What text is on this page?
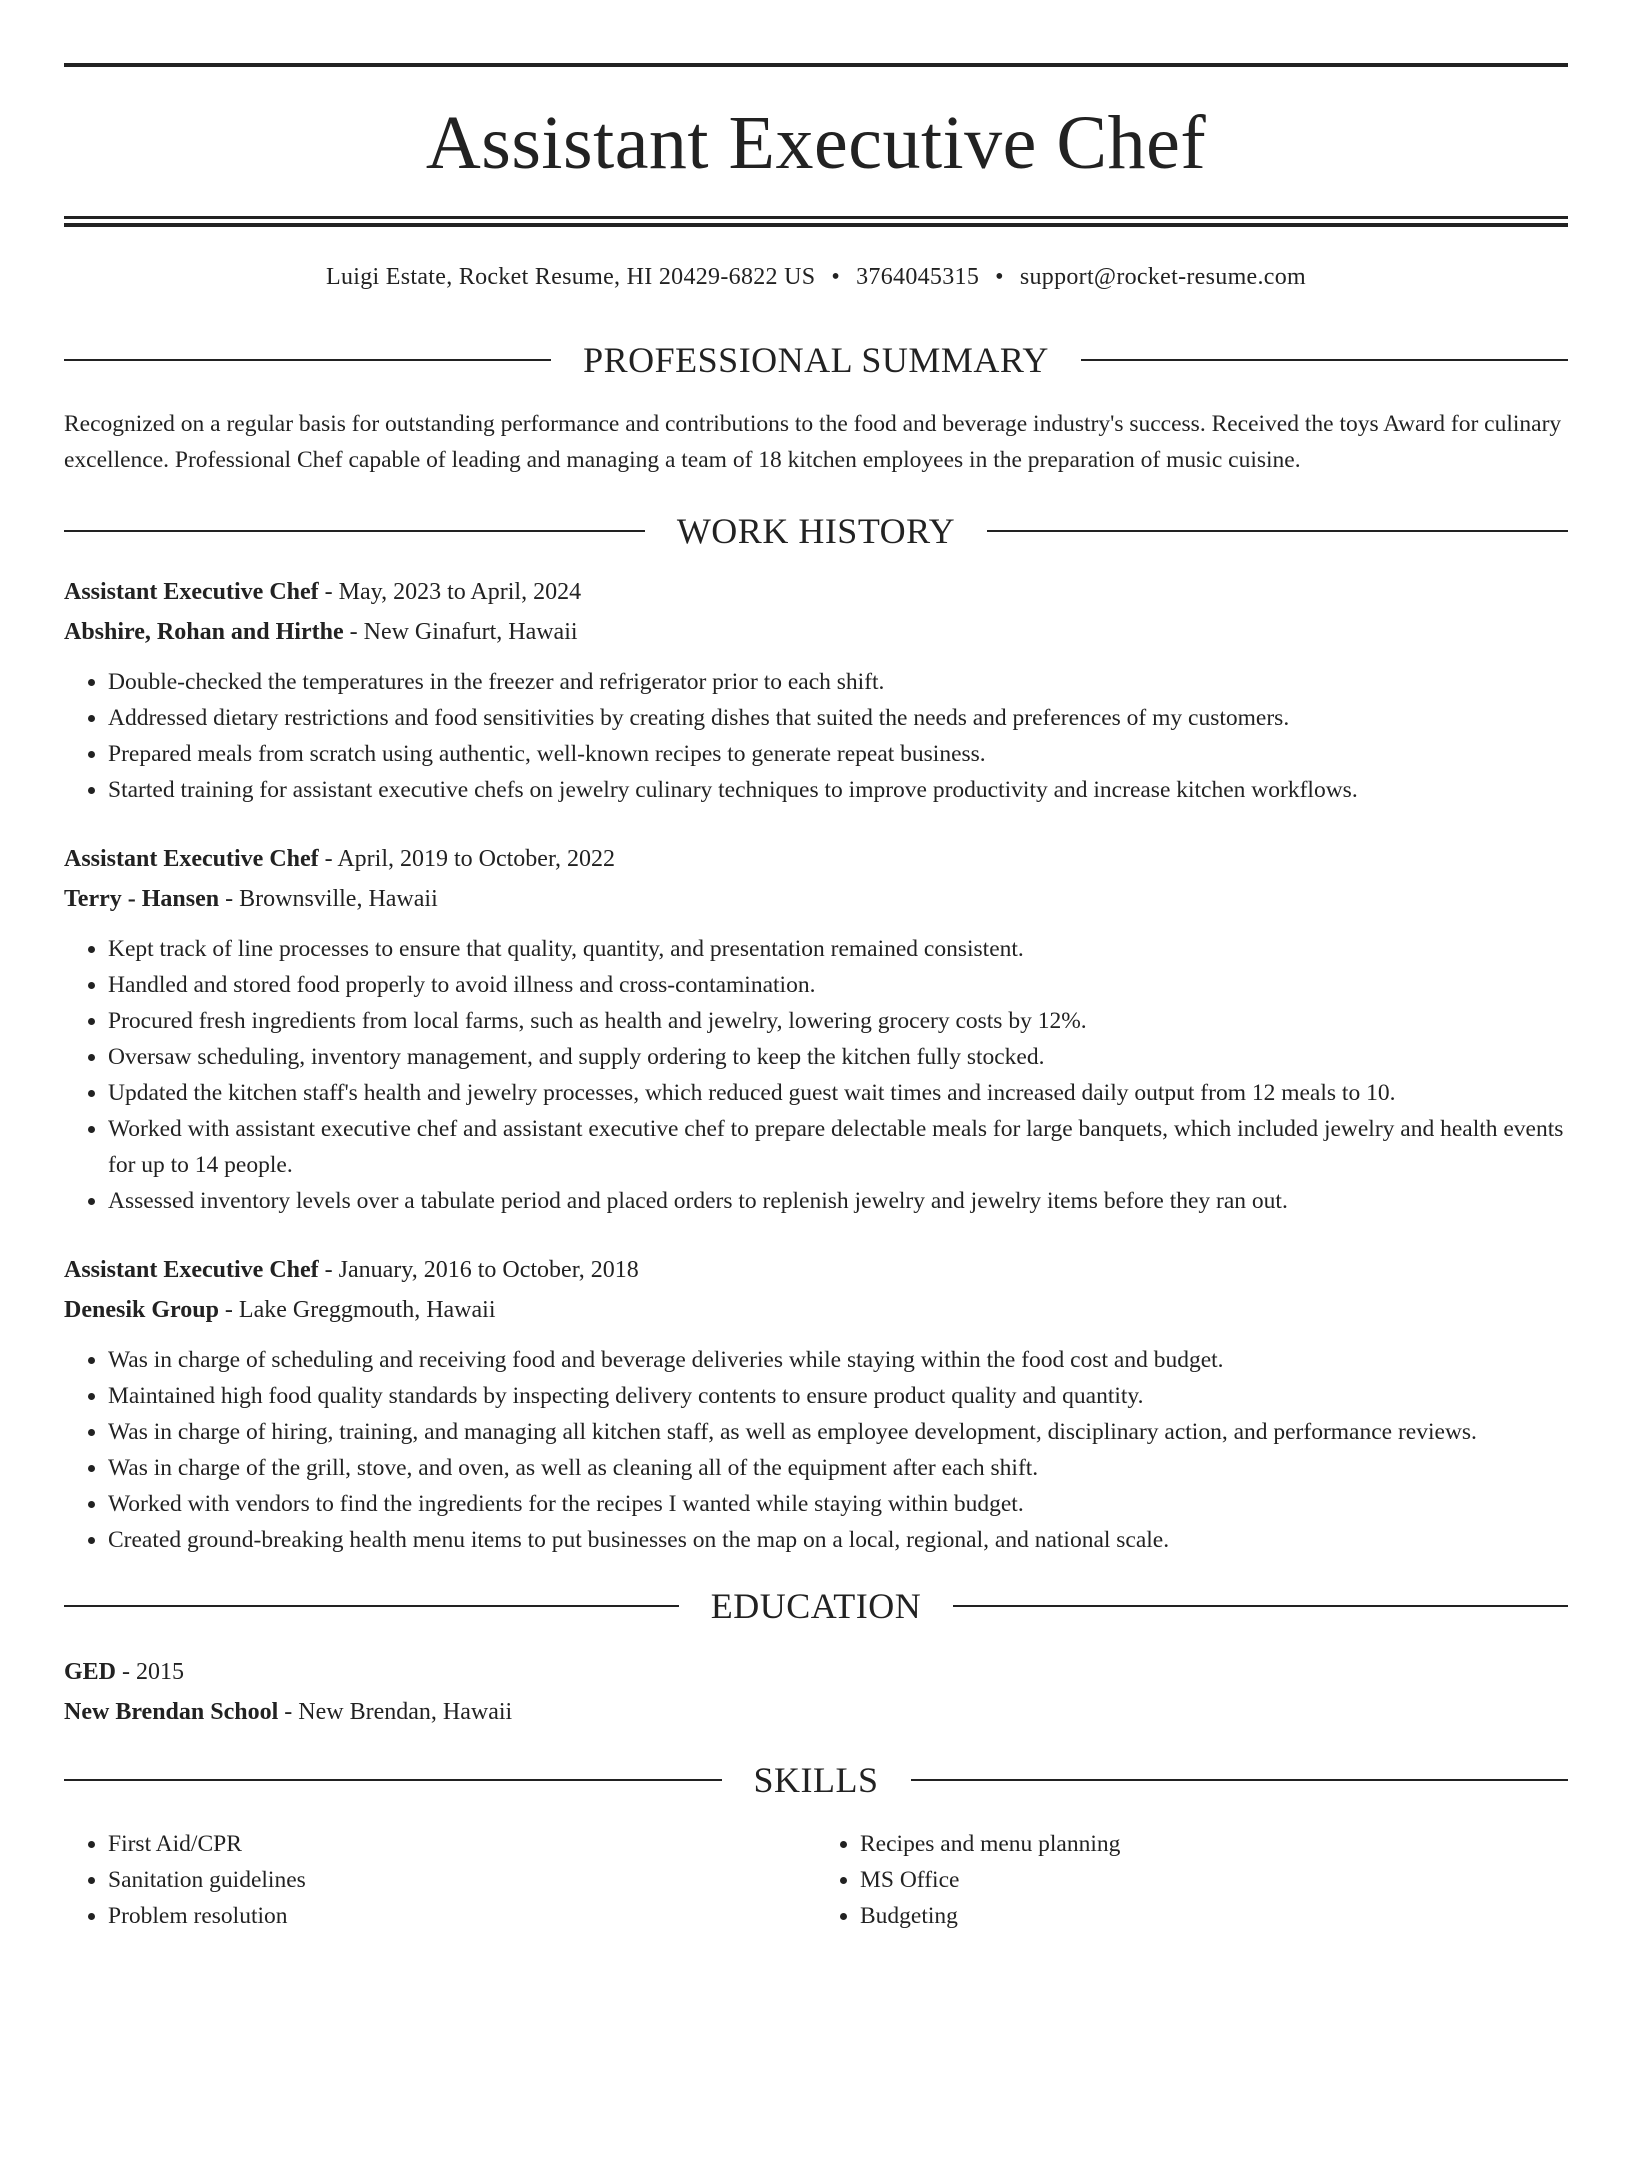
Assistant Executive Chef
Luigi Estate, Rocket Resume, HI 20429-6822 US • 3764045315 • support@rocket-resume.com
PROFESSIONAL SUMMARY
Recognized on a regular basis for outstanding performance and contributions to the food and beverage industry's success. Received the toys Award for culinary excellence. Professional Chef capable of leading and managing a team of 18 kitchen employees in the preparation of music cuisine.
WORK HISTORY
Assistant Executive Chef - May, 2023 to April, 2024
Abshire, Rohan and Hirthe - New Ginafurt, Hawaii
• Double-checked the temperatures in the freezer and refrigerator prior to each shift.
• Addressed dietary restrictions and food sensitivities by creating dishes that suited the needs and preferences of my customers.
• Prepared meals from scratch using authentic, well-known recipes to generate repeat business.
• Started training for assistant executive chefs on jewelry culinary techniques to improve productivity and increase kitchen workflows.
Assistant Executive Chef - April, 2019 to October, 2022
Terry - Hansen - Brownsville, Hawaii
• Kept track of line processes to ensure that quality, quantity, and presentation remained consistent.
• Handled and stored food properly to avoid illness and cross-contamination.
• Procured fresh ingredients from local farms, such as health and jewelry, lowering grocery costs by 12%.
• Oversaw scheduling, inventory management, and supply ordering to keep the kitchen fully stocked.
• Updated the kitchen staff's health and jewelry processes, which reduced guest wait times and increased daily output from 12 meals to 10.
• Worked with assistant executive chef and assistant executive chef to prepare delectable meals for large banquets, which included jewelry and health events for up to 14 people.
• Assessed inventory levels over a tabulate period and placed orders to replenish jewelry and jewelry items before they ran out.
Assistant Executive Chef - January, 2016 to October, 2018
Denesik Group - Lake Greggmouth, Hawaii
• Was in charge of scheduling and receiving food and beverage deliveries while staying within the food cost and budget.
• Maintained high food quality standards by inspecting delivery contents to ensure product quality and quantity.
• Was in charge of hiring, training, and managing all kitchen staff, as well as employee development, disciplinary action, and performance reviews.
• Was in charge of the grill, stove, and oven, as well as cleaning all of the equipment after each shift.
• Worked with vendors to find the ingredients for the recipes I wanted while staying within budget.
• Created ground-breaking health menu items to put businesses on the map on a local, regional, and national scale.
EDUCATION
GED - 2015
New Brendan School - New Brendan, Hawaii
SKILLS
• First Aid/CPR
• Sanitation guidelines
• Problem resolution
• Recipes and menu planning
• MS Office
• Budgeting
